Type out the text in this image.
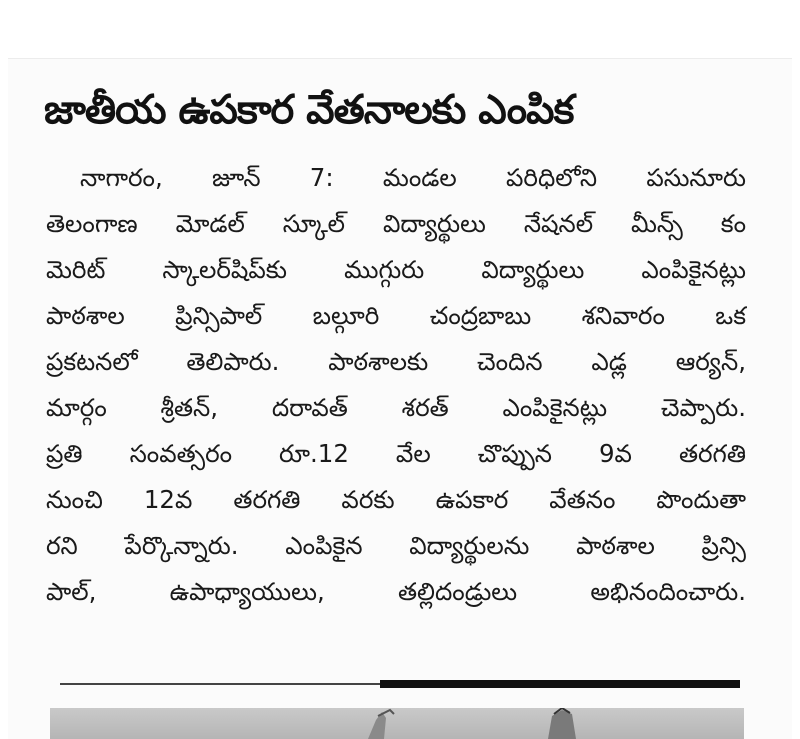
జాతీయ ఉపకార వేతనాలకు ఎంపిక
నాగారం, జూన్ 7: మండల పరిధిలోని పసునూరు
తెలంగాణ మోడల్ స్కూల్ విద్యార్థులు నేషనల్ మీన్స్ కం
మెరిట్ స్కాలర్‌షిప్‌కు ముగ్గురు విద్యార్థులు ఎంపికైనట్లు
పాఠశాల ప్రిన్సిపాల్ బల్గూరి చంద్రబాబు శనివారం ఒక
ప్రకటనలో తెలిపారు. పాఠశాలకు చెందిన ఎడ్ల ఆర్యన్,
మార్గం శ్రీతన్, దరావత్ శరత్ ఎంపికైనట్లు చెప్పారు.
ప్రతి సంవత్సరం రూ.12 వేల చొప్పున 9వ తరగతి
నుంచి 12వ తరగతి వరకు ఉపకార వేతనం పొందుతా
రని పేర్కొన్నారు. ఎంపికైన విద్యార్థులను పాఠశాల ప్రిన్సి
పాల్, ఉపాధ్యాయులు, తల్లిదండ్రులు అభినందించారు.
